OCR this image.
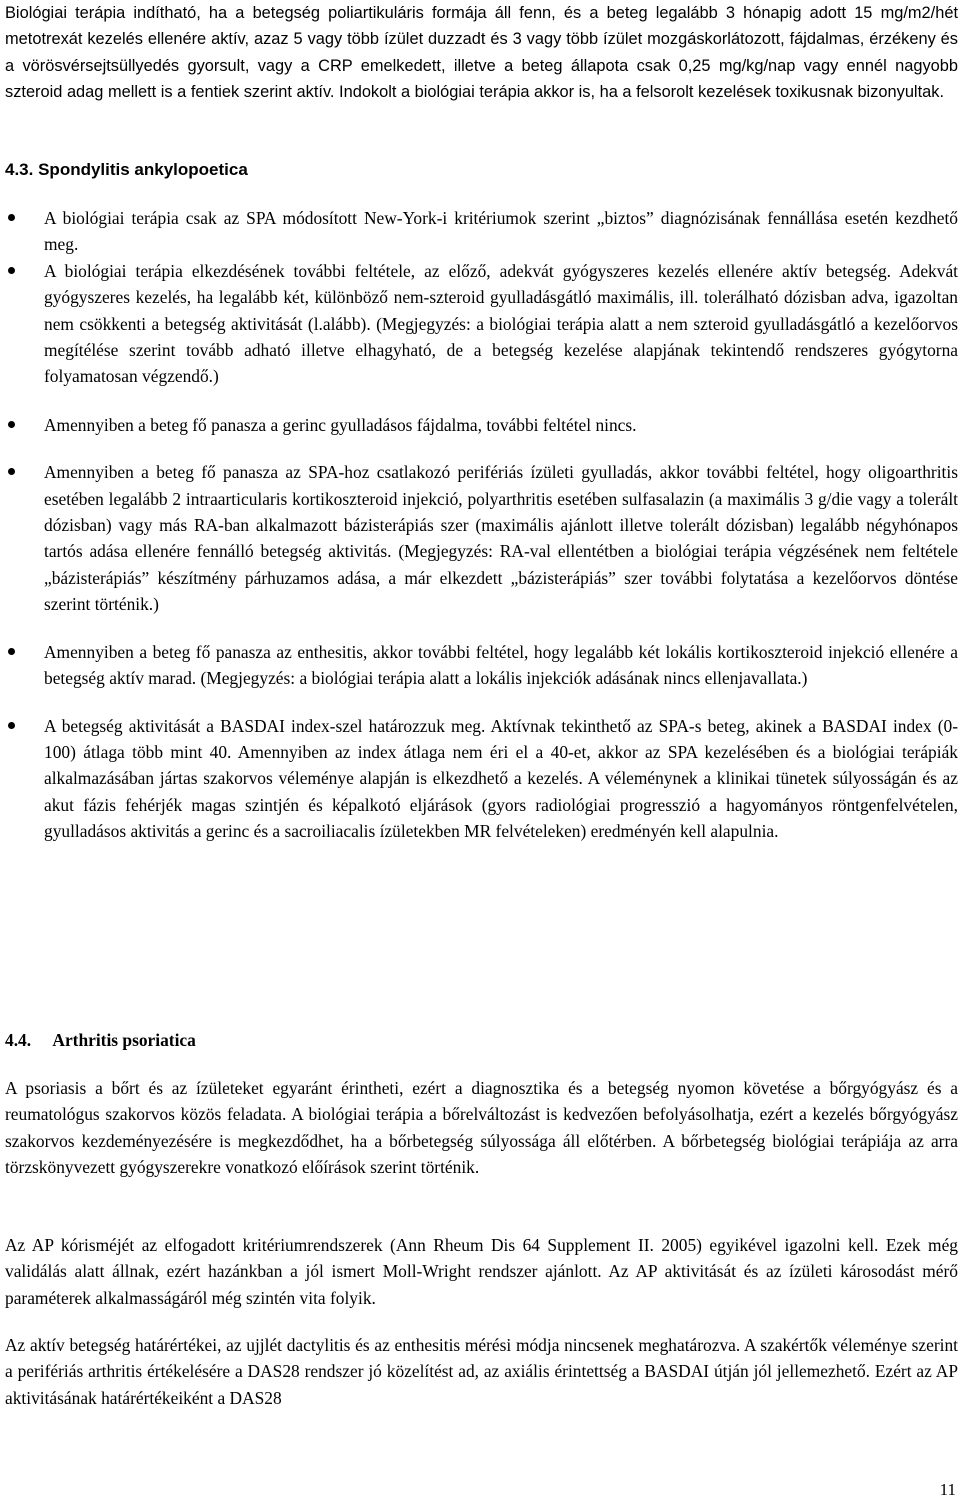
Biológiai terápia indítható, ha a betegség poliartikuláris formája áll fenn, és a beteg legalább 3 hónapig adott 15 mg/m2/hét metotrexát kezelés ellenére aktív, azaz 5 vagy több ízület duzzadt és 3 vagy több ízület mozgáskorlátozott, fájdalmas, érzékeny és a vörösvérsejtsüllyedés gyorsult, vagy a CRP emelkedett, illetve a beteg állapota csak 0,25 mg/kg/nap vagy ennél nagyobb szteroid adag mellett is a fentiek szerint aktív. Indokolt a biológiai terápia akkor is, ha a felsorolt kezelések toxikusnak bizonyultak.

4.3. Spondylitis ankylopoetica
A biológiai terápia csak az SPA módosított New-York-i kritériumok szerint „biztos” diagnózisának fennállása esetén kezdhető meg.
A biológiai terápia elkezdésének további feltétele, az előző, adekvát gyógyszeres kezelés ellenére aktív betegség. Adekvát gyógyszeres kezelés, ha legalább két, különböző nem-szteroid gyulladásgátló maximális, ill. tolerálható dózisban adva, igazoltan nem csökkenti a betegség aktivitását (l.alább). (Megjegyzés: a biológiai terápia alatt a nem szteroid gyulladásgátló a kezelőorvos megítélése szerint tovább adható illetve elhagyható, de a betegség kezelése alapjának tekintendő rendszeres gyógytorna folyamatosan végzendő.)
Amennyiben a beteg fő panasza a gerinc gyulladásos fájdalma, további feltétel nincs.
Amennyiben a beteg fő panasza az SPA-hoz csatlakozó perifériás ízületi gyulladás, akkor további feltétel, hogy oligoarthritis esetében legalább 2 intraarticularis kortikoszteroid injekció, polyarthritis esetében sulfasalazin (a maximális 3 g/die vagy a tolerált dózisban) vagy más RA-ban alkalmazott bázisterápiás szer (maximális ajánlott illetve tolerált dózisban) legalább négyhónapos tartós adása ellenére fennálló betegség aktivitás. (Megjegyzés: RA-val ellentétben a biológiai terápia végzésének nem feltétele „bázisterápiás” készítmény párhuzamos adása, a már elkezdett „bázisterápiás” szer további folytatása a kezelőorvos döntése szerint történik.)
Amennyiben a beteg fő panasza az enthesitis, akkor további feltétel, hogy legalább két lokális kortikoszteroid injekció ellenére a betegség aktív marad. (Megjegyzés: a biológiai terápia alatt a lokális injekciók adásának nincs ellenjavallata.)
A betegség aktivitását a BASDAI index-szel határozzuk meg. Aktívnak tekinthető az SPA-s beteg, akinek a BASDAI index (0-100) átlaga több mint 40. Amennyiben az index átlaga nem éri el a 40-et, akkor az SPA kezelésében és a biológiai terápiák alkalmazásában jártas szakorvos véleménye alapján is elkezdhető a kezelés. A véleménynek a klinikai tünetek súlyosságán és az akut fázis fehérjék magas szintjén és képalkotó eljárások (gyors radiológiai progresszió a hagyományos röntgenfelvételen, gyulladásos aktivitás a gerinc és a sacroiliacalis ízületekben MR felvételeken) eredményén kell alapulnia.
4.4. Arthritis psoriatica

A psoriasis a bőrt és az ízületeket egyaránt érintheti, ezért a diagnosztika és a betegség nyomon követése a bőrgyógyász és a reumatológus szakorvos közös feladata. A biológiai terápia a bőrelváltozást is kedvezően befolyásolhatja, ezért a kezelés bőrgyógyász szakorvos kezdeményezésére is megkezdődhet, ha a bőrbetegség súlyossága áll előtérben. A bőrbetegség biológiai terápiája az arra törzskönyvezett gyógyszerekre vonatkozó előírások szerint történik.

Az AP kórisméjét az elfogadott kritériumrendszerek (Ann Rheum Dis 64 Supplement II. 2005) egyikével igazolni kell. Ezek még validálás alatt állnak, ezért hazánkban a jól ismert Moll-Wright rendszer ajánlott. Az AP aktivitását és az ízületi károsodást mérő paraméterek alkalmasságáról még szintén vita folyik.

Az aktív betegség határértékei, az ujjlét dactylitis és az enthesitis mérési módja nincsenek meghatározva. A szakértők véleménye szerint a perifériás arthritis értékelésére a DAS28 rendszer jó közelítést ad, az axiális érintettség a BASDAI útján jól jellemezhető. Ezért az AP aktivitásának határértékeiként a DAS28

11
